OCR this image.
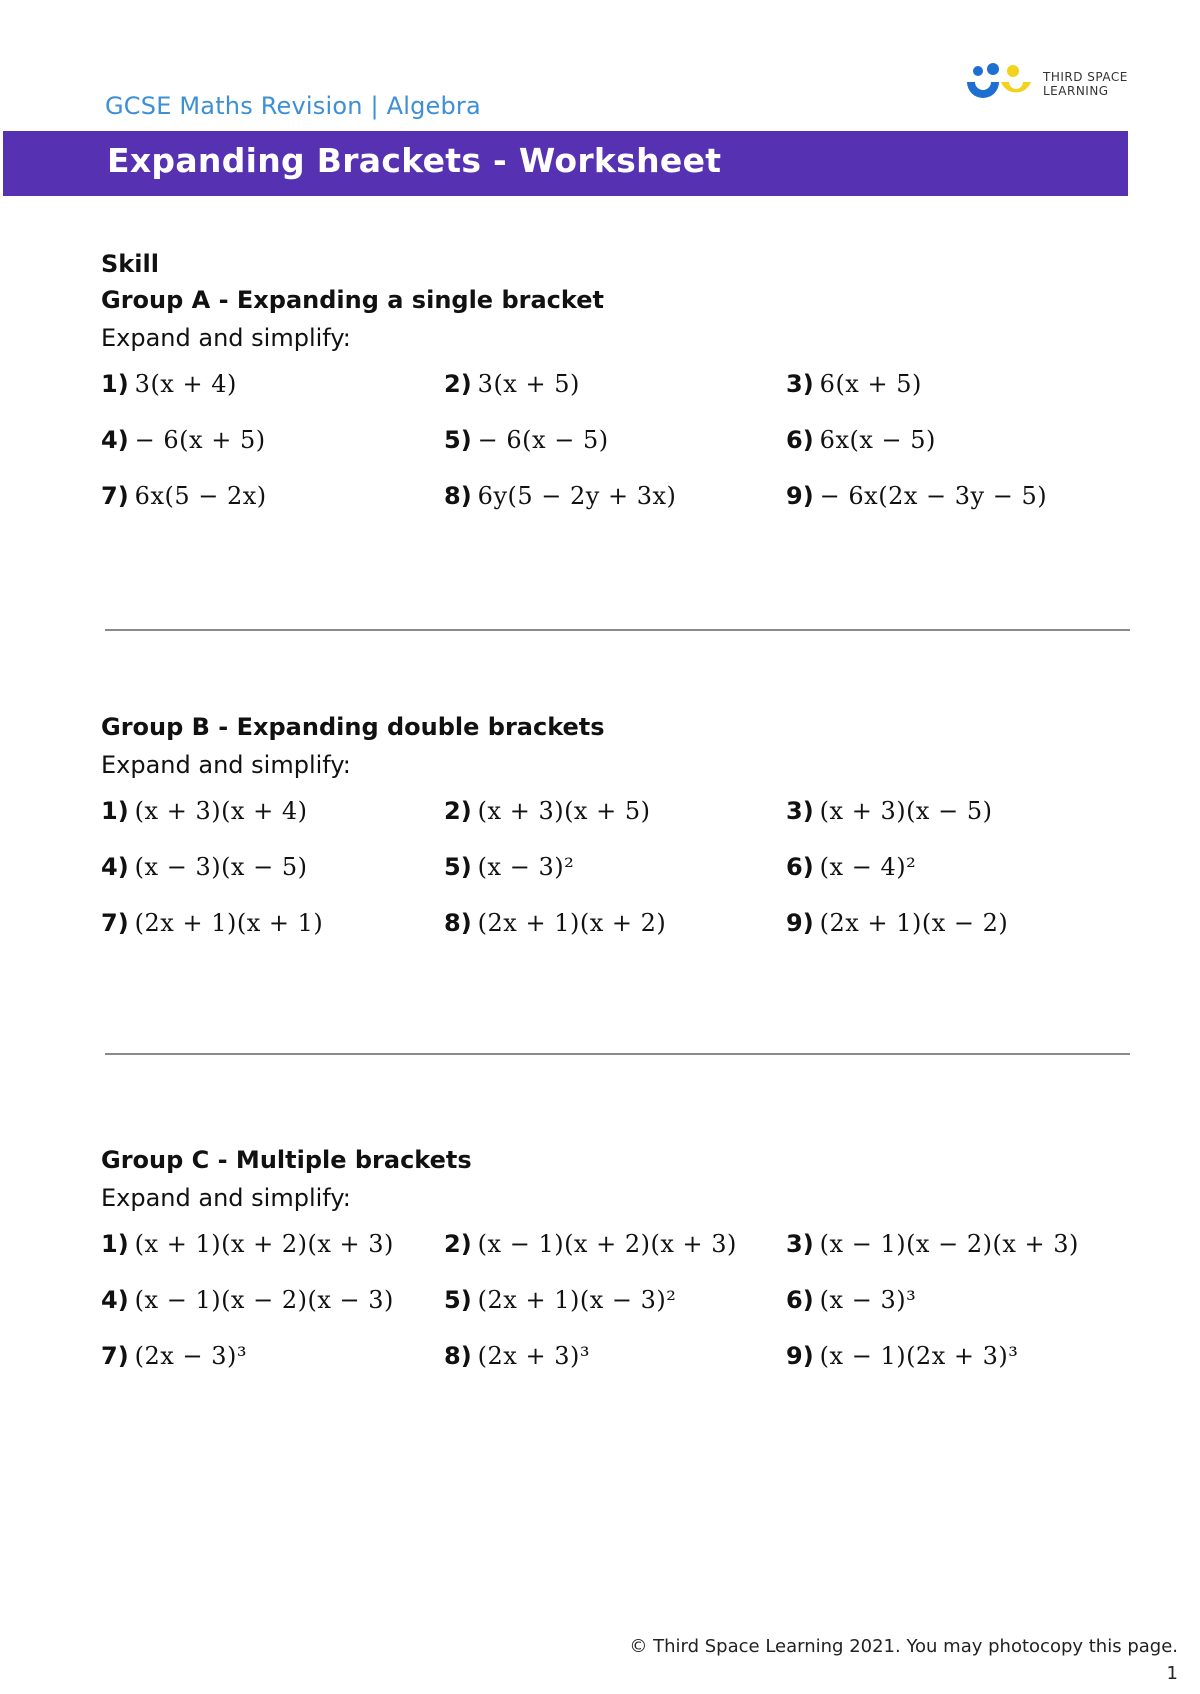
GCSE Maths Revision | Algebra
THIRD SPACE
LEARNING
Expanding Brackets - Worksheet
Skill
Group A - Expanding a single bracket
Expand and simplify:
1) 3(x + 4)	2) 3(x + 5)	3) 6(x + 5)
4) − 6(x + 5)	5) − 6(x − 5)	6) 6x(x − 5)
7) 6x(5 − 2x)	8) 6y(5 − 2y + 3x)	9) − 6x(2x − 3y − 5)
Group B - Expanding double brackets
Expand and simplify:
1) (x + 3)(x + 4)	2) (x + 3)(x + 5)	3) (x + 3)(x − 5)
4) (x − 3)(x − 5)	5) (x − 3)²	6) (x − 4)²
7) (2x + 1)(x + 1)	8) (2x + 1)(x + 2)	9) (2x + 1)(x − 2)
Group C - Multiple brackets
Expand and simplify:
1) (x + 1)(x + 2)(x + 3) 2) (x − 1)(x + 2)(x + 3) 3) (x − 1)(x − 2)(x + 3)
4) (x − 1)(x − 2)(x − 3) 5) (2x + 1)(x − 3)²	6) (x − 3)³
7) (2x − 3)³	8) (2x + 3)³	9) (x − 1)(2x + 3)³
© Third Space Learning 2021. You may photocopy this page.
1
